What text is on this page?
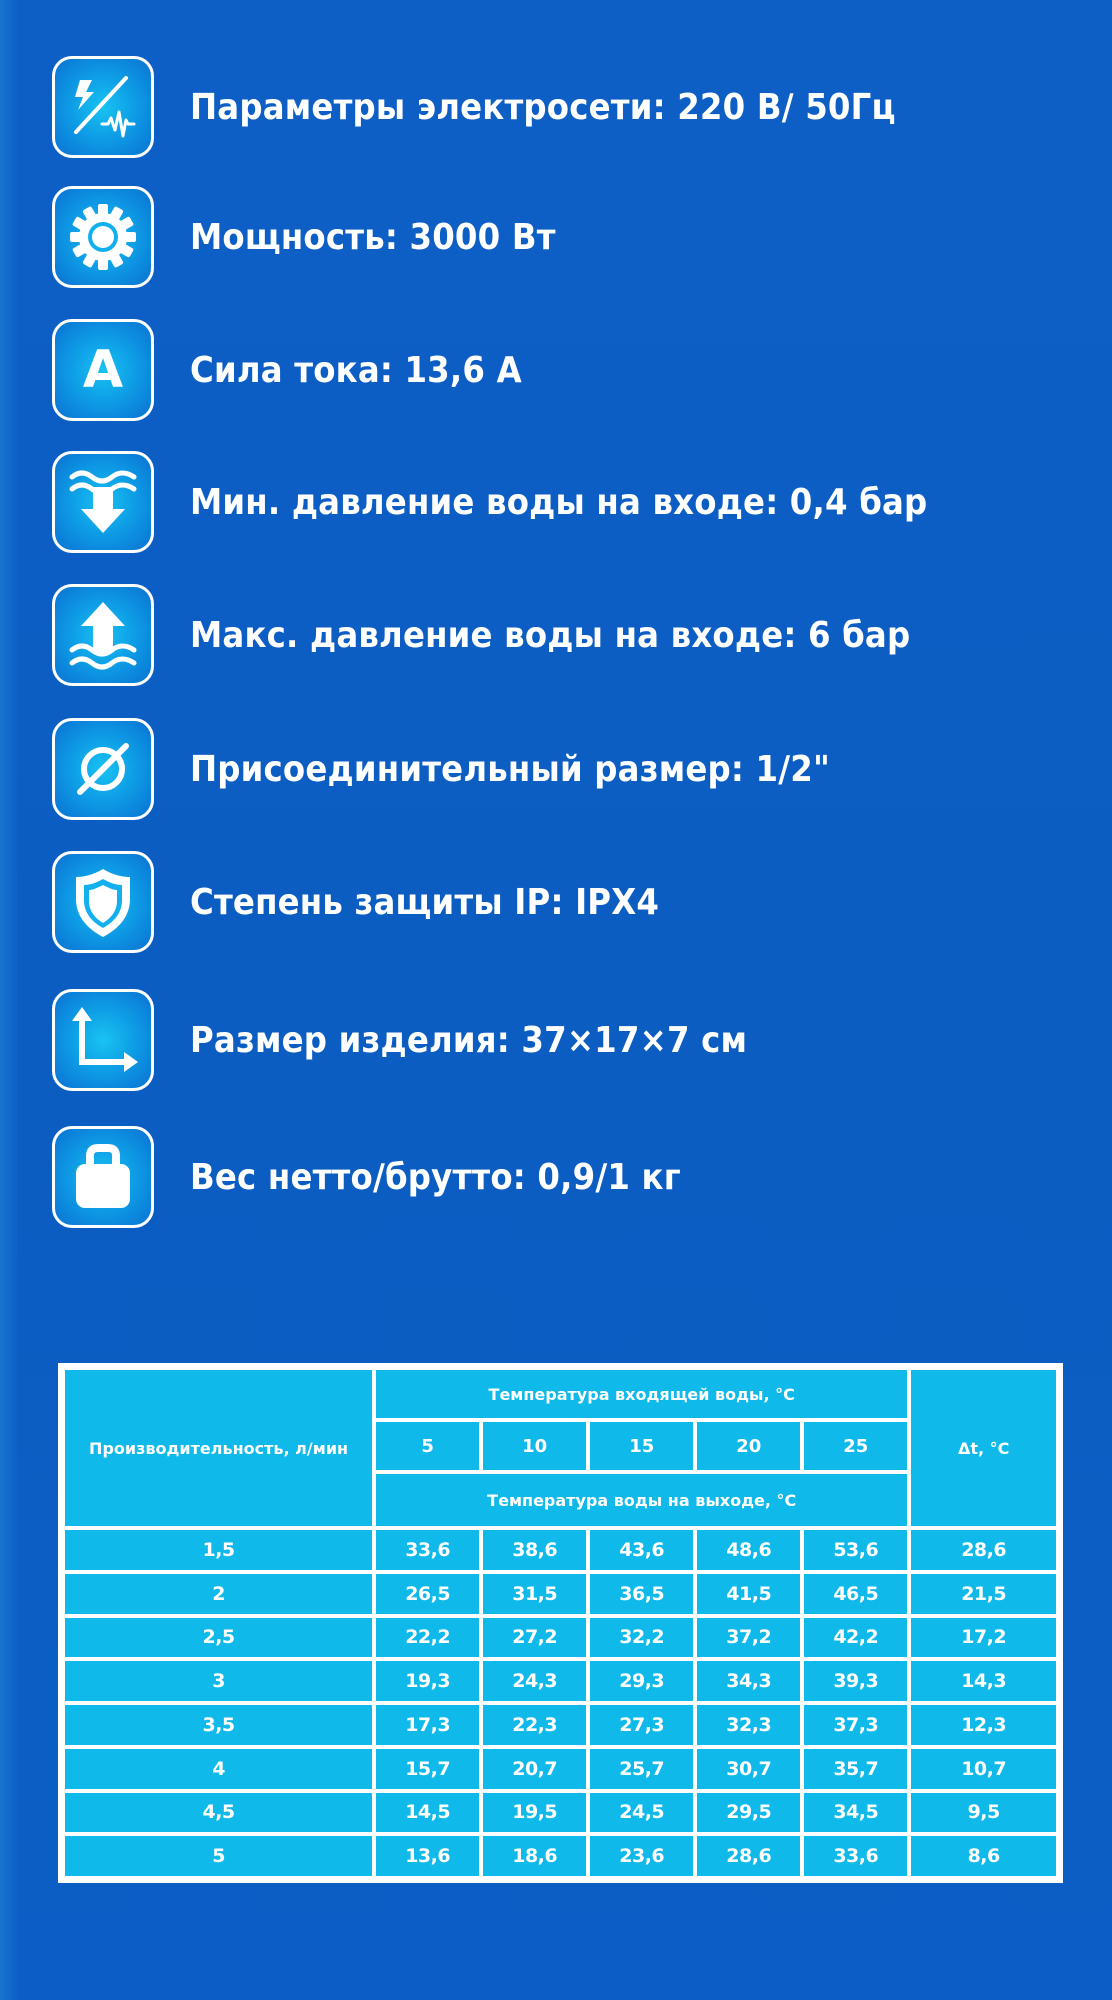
Параметры электросети: 220 В/ 50Гц
Мощность: 3000 Вт
A Сила тока: 13,6 А
Мин. давление воды на входе: 0,4 бар
Макс. давление воды на входе: 6 бар
Присоединительный размер: 1/2"
Степень защиты IP: IPX4
Размер изделия: 37×17×7 см
Вес нетто/брутто: 0,9/1 кг
Производительность, л/мин	Температура входящей воды, °С					Δt, °С
	5	10	15	20	25	
	Температура воды на выходе, °С					
1,5	33,6	38,6	43,6	48,6	53,6	28,6
2	26,5	31,5	36,5	41,5	46,5	21,5
2,5	22,2	27,2	32,2	37,2	42,2	17,2
3	19,3	24,3	29,3	34,3	39,3	14,3
3,5	17,3	22,3	27,3	32,3	37,3	12,3
4	15,7	20,7	25,7	30,7	35,7	10,7
4,5	14,5	19,5	24,5	29,5	34,5	9,5
5	13,6	18,6	23,6	28,6	33,6	8,6
